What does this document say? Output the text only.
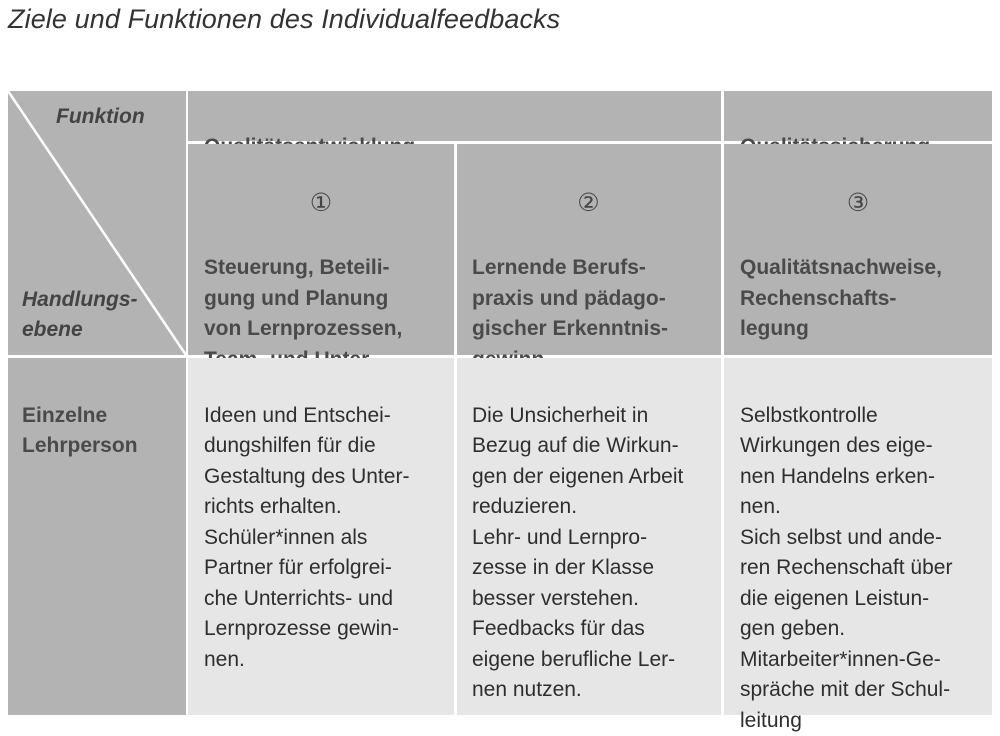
Ziele und Funktionen des Individualfeedbacks
Funktion
Handlungs-
ebene

①

Steuerung, Beteili-
gung und Planung
von Lernprozessen,

②

Lernende Berufs-
praxis und pädago-
gischer Erkenntnis-

③

Qualitätsnachweise,
Rechenschafts-
legung

Einzelne
Lehrperson

Ideen und Entschei-
dungshilfen für die
Gestaltung des Unter-
richts erhalten.
Schüler*innen als
Partner für erfolgrei-
che Unterrichts- und
Lernprozesse gewin-
nen.

Die Unsicherheit in
Bezug auf die Wirkun-
gen der eigenen Arbeit
reduzieren.
Lehr- und Lernpro-
zesse in der Klasse
besser verstehen.
Feedbacks für das
eigene berufliche Ler-
nen nutzen.

Selbstkontrolle
Wirkungen des eige-
nen Handelns erken-
nen.
Sich selbst und ande-
ren Rechenschaft über
die eigenen Leistun-
gen geben.
Mitarbeiter*innen-Ge-
spräche mit der Schul-
leitung
